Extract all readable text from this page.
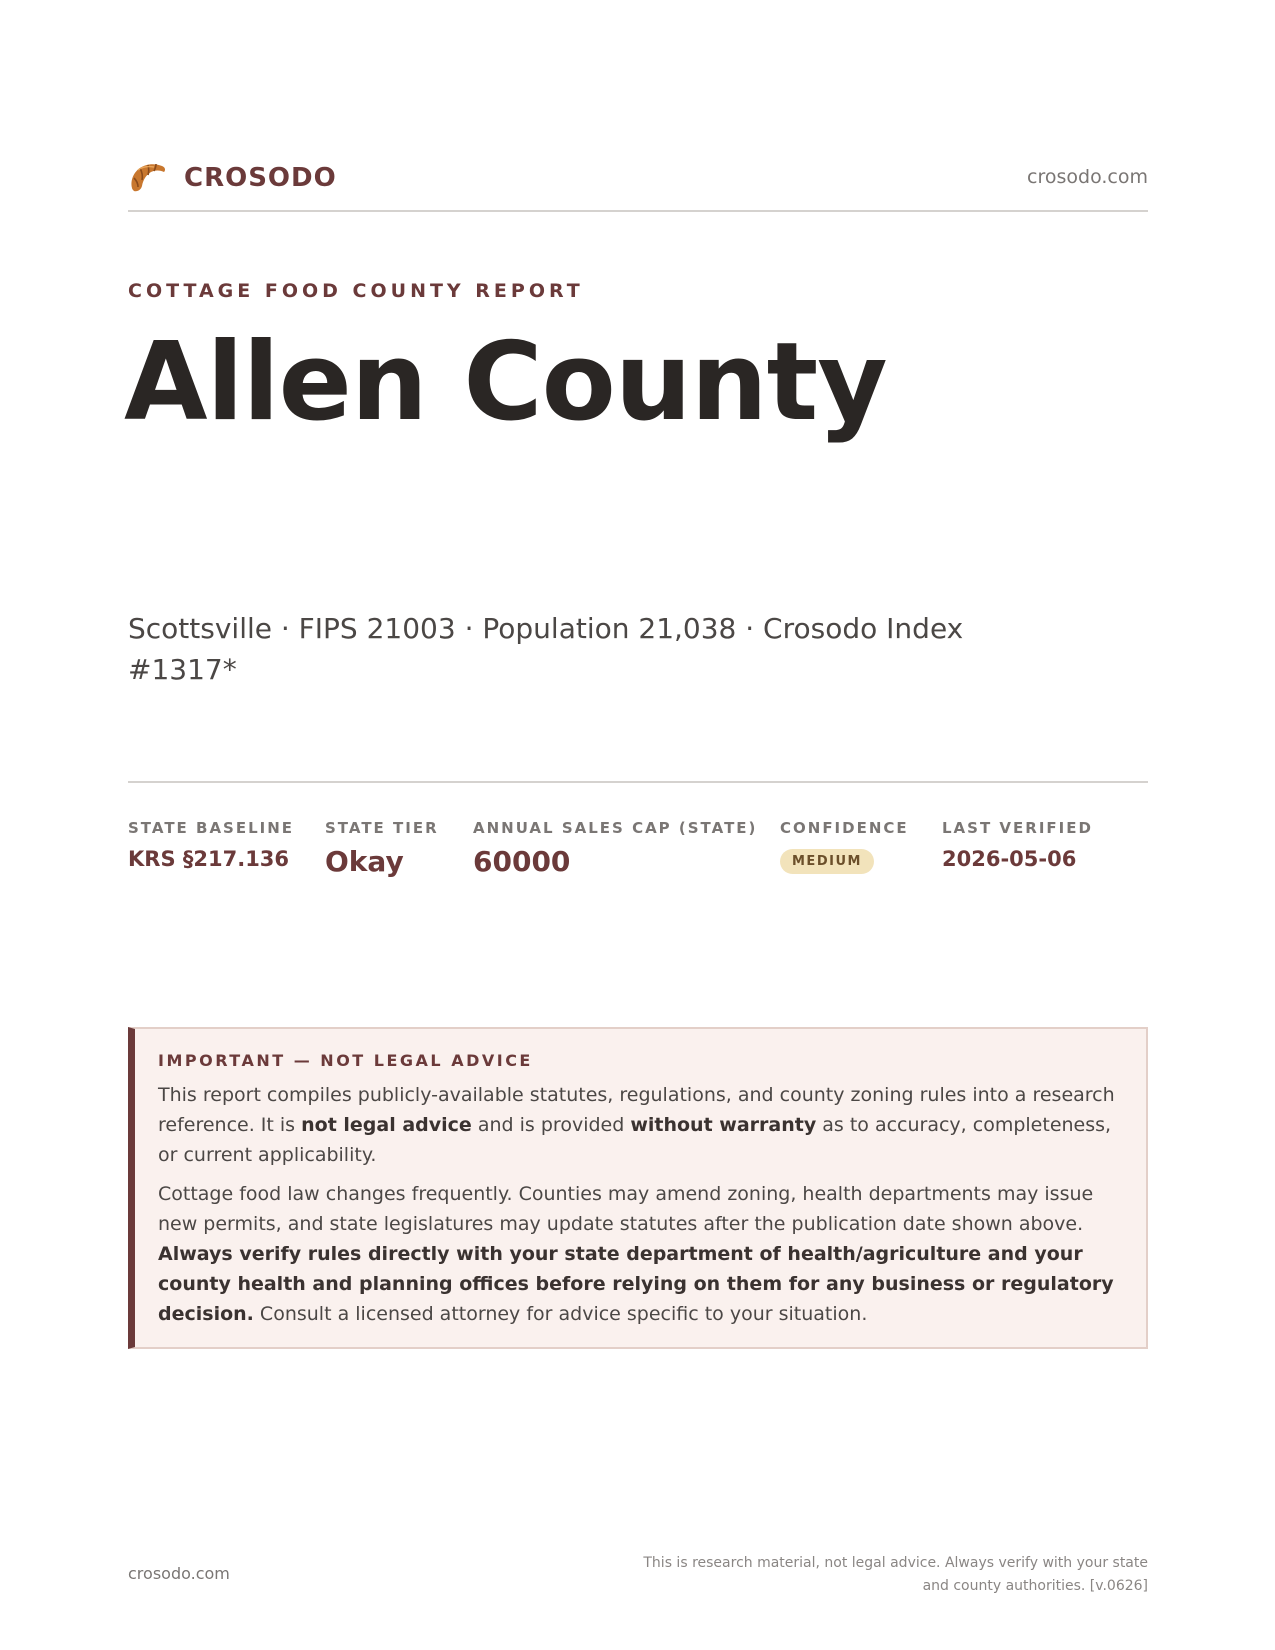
CROSODO	crosodo.com
COTTAGE FOOD COUNTY REPORT
Allen County
Scottsville · FIPS 21003 · Population 21,038 · Crosodo Index #1317*
STATE BASELINE
KRS §217.136
STATE TIER
Okay
ANNUAL SALES CAP (STATE)
60000
CONFIDENCE
MEDIUM
LAST VERIFIED
2026-05-06
IMPORTANT — NOT LEGAL ADVICE

This report compiles publicly-available statutes, regulations, and county zoning rules into a research reference. It is not legal advice and is provided without warranty as to accuracy, completeness, or current applicability.

Cottage food law changes frequently. Counties may amend zoning, health departments may issue new permits, and state legislatures may update statutes after the publication date shown above. Always verify rules directly with your state department of health/agriculture and your county health and planning offices before relying on them for any business or regulatory decision. Consult a licensed attorney for advice specific to your situation.

crosodo.com
This is research material, not legal advice. Always verify with your state and county authorities. [v.0626]
